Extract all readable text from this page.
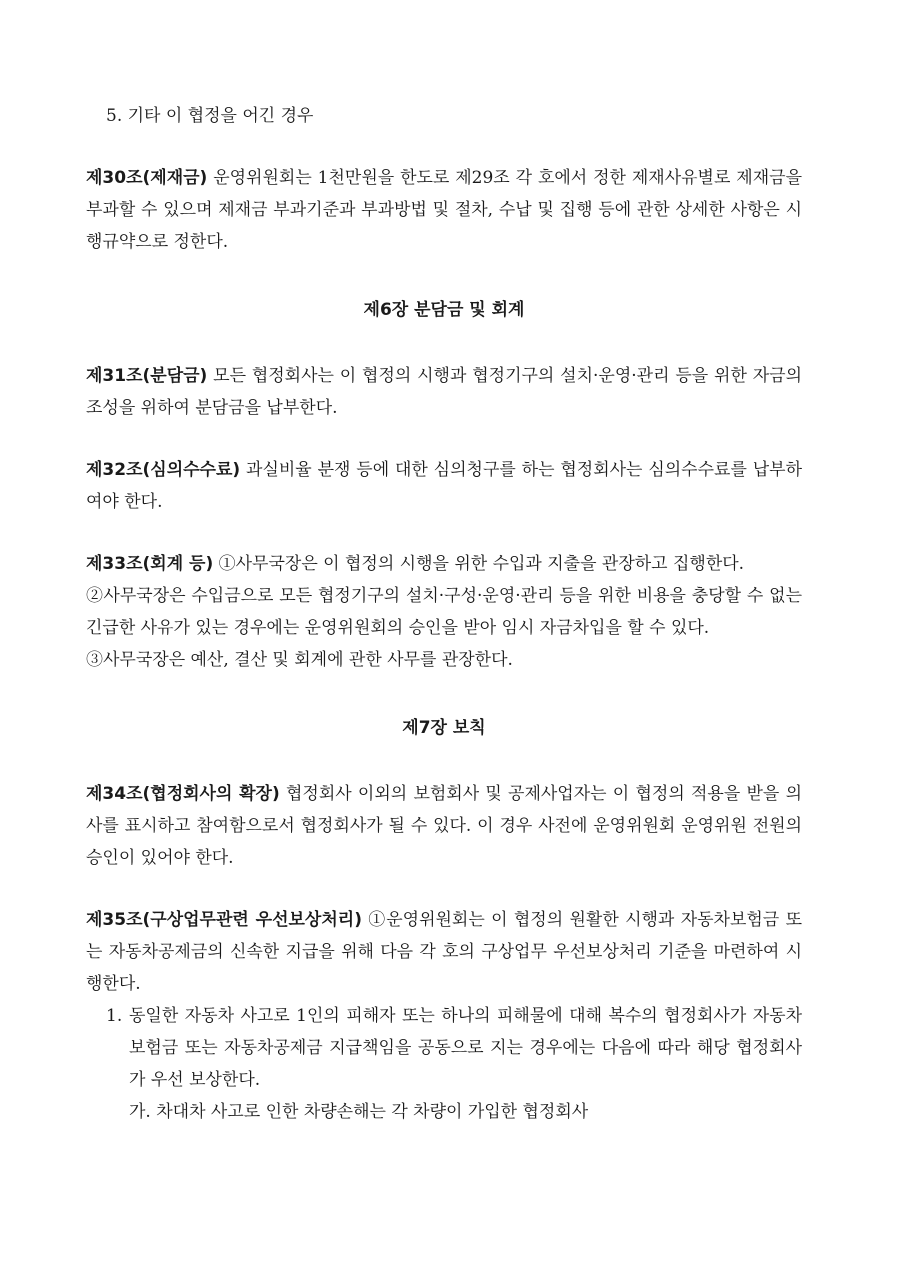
5. 기타 이 협정을 어긴 경우

제30조(제재금) 운영위원회는 1천만원을 한도로 제29조 각 호에서 정한 제재사유별로 제재금을 부과할 수 있으며 제재금 부과기준과 부과방법 및 절차, 수납 및 집행 등에 관한 상세한 사항은 시행규약으로 정한다.

제6장 분담금 및 회계

제31조(분담금) 모든 협정회사는 이 협정의 시행과 협정기구의 설치·운영·관리 등을 위한 자금의 조성을 위하여 분담금을 납부한다.

제32조(심의수수료) 과실비율 분쟁 등에 대한 심의청구를 하는 협정회사는 심의수수료를 납부하여야 한다.

제33조(회계 등) ①사무국장은 이 협정의 시행을 위한 수입과 지출을 관장하고 집행한다.

②사무국장은 수입금으로 모든 협정기구의 설치·구성·운영·관리 등을 위한 비용을 충당할 수 없는 긴급한 사유가 있는 경우에는 운영위원회의 승인을 받아 임시 자금차입을 할 수 있다.

③사무국장은 예산, 결산 및 회계에 관한 사무를 관장한다.

제7장 보칙

제34조(협정회사의 확장) 협정회사 이외의 보험회사 및 공제사업자는 이 협정의 적용을 받을 의사를 표시하고 참여함으로서 협정회사가 될 수 있다. 이 경우 사전에 운영위원회 운영위원 전원의 승인이 있어야 한다.

제35조(구상업무관련 우선보상처리) ①운영위원회는 이 협정의 원활한 시행과 자동차보험금 또는 자동차공제금의 신속한 지급을 위해 다음 각 호의 구상업무 우선보상처리 기준을 마련하여 시행한다.

1. 동일한 자동차 사고로 1인의 피해자 또는 하나의 피해물에 대해 복수의 협정회사가 자동차보험금 또는 자동차공제금 지급책임을 공동으로 지는 경우에는 다음에 따라 해당 협정회사가 우선 보상한다.

가. 차대차 사고로 인한 차량손해는 각 차량이 가입한 협정회사
